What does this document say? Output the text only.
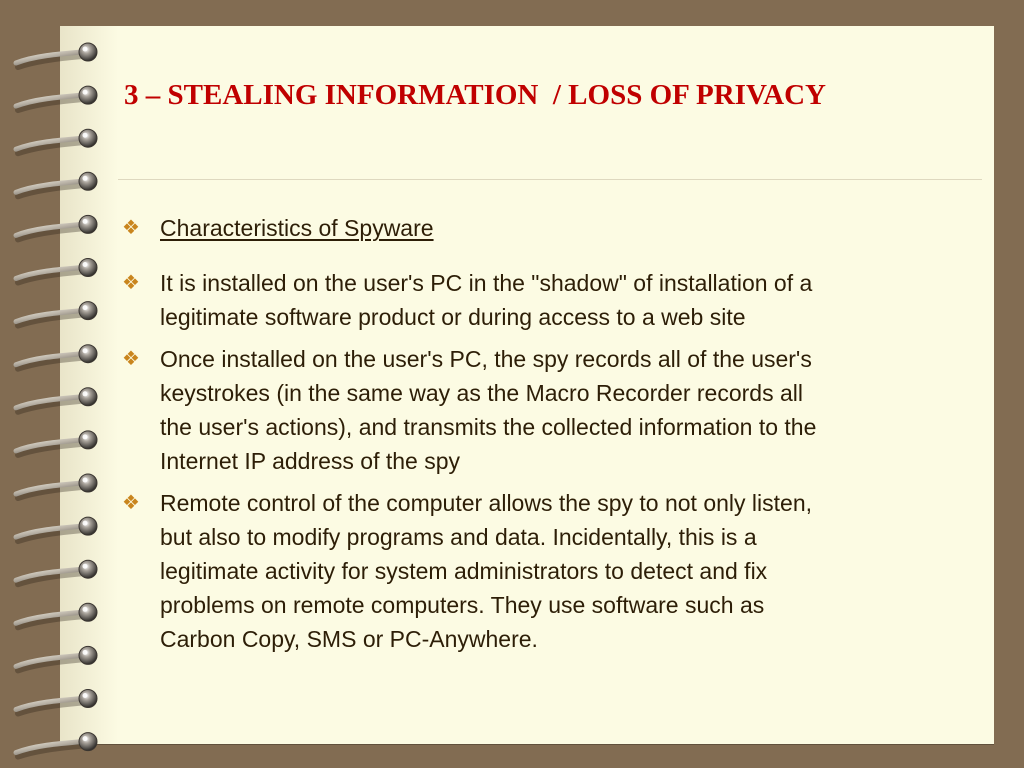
3 – STEALING INFORMATION  / LOSS OF PRIVACY
❖ Characteristics of Spyware
❖ It is installed on the user's PC in the "shadow" of installation of a
legitimate software product or during access to a web site
❖ Once installed on the user's PC, the spy records all of the user's
keystrokes (in the same way as the Macro Recorder records all
the user's actions), and transmits the collected information to the
Internet IP address of the spy
❖ Remote control of the computer allows the spy to not only listen,
but also to modify programs and data. Incidentally, this is a
legitimate activity for system administrators to detect and fix
problems on remote computers. They use software such as
Carbon Copy, SMS or PC-Anywhere.
